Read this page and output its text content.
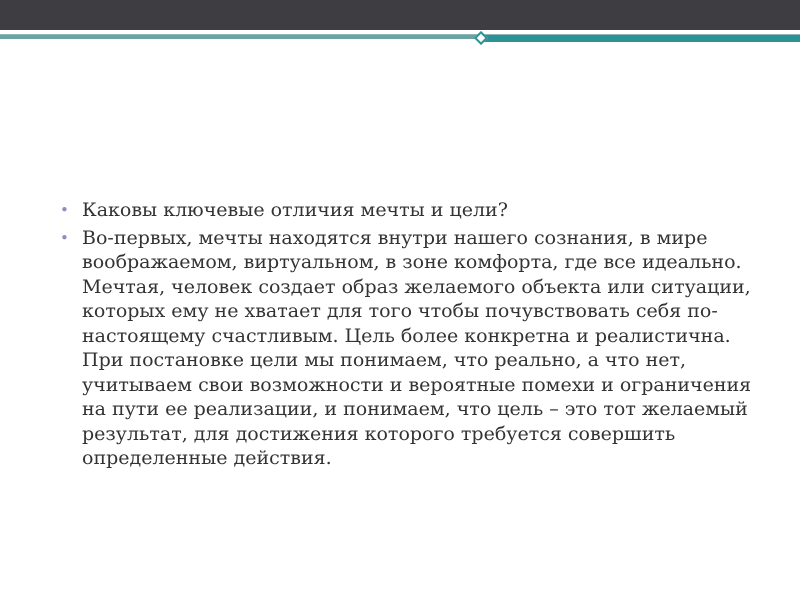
• Каковы ключевые отличия мечты и цели?
• Во-первых, мечты находятся внутри нашего сознания, в мире воображаемом, виртуальном, в зоне комфорта, где все идеально. Мечтая, человек создает образ желаемого объекта или ситуации, которых ему не хватает для того чтобы почувствовать себя по-настоящему счастливым. Цель более конкретна и реалистична. При постановке цели мы понимаем, что реально, а что нет, учитываем свои возможности и вероятные помехи и ограничения на пути ее реализации, и понимаем, что цель – это тот желаемый результат, для достижения которого требуется совершить определенные действия.
